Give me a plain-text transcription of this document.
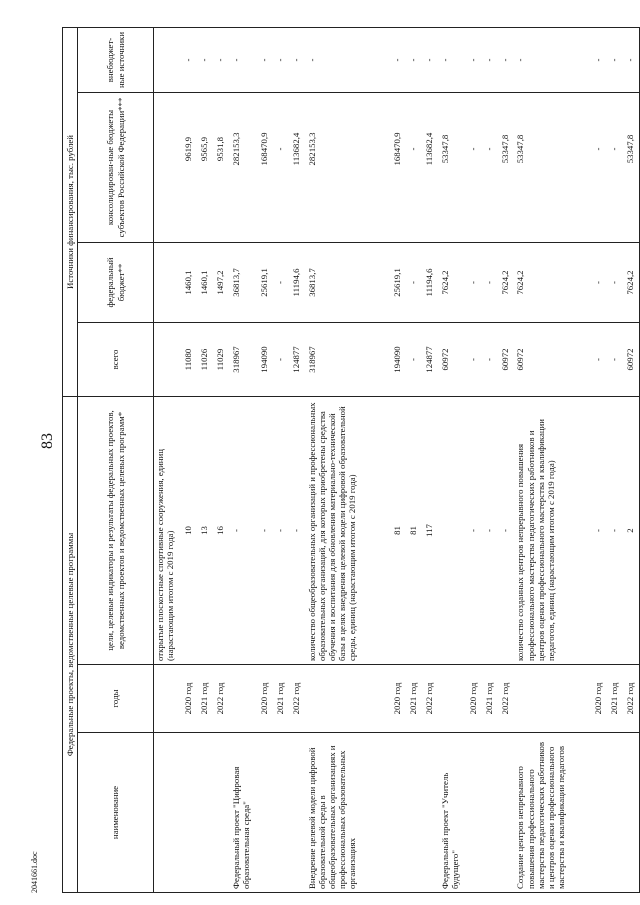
83
2041661.doc
Федеральные проекты, ведомственные целевые программы			Источники финансирования, тыс. рублей			
наименование	годы	цели, целевые индикаторы и результаты федеральных проектов, ведомственных проектов и ведомственных целевых программ*	всего	федеральный бюджет**	консолидирован-ные бюджеты субъектов Российской Федерации***	внебюджет-ные источники
		открытые плоскостные спортивные сооружения, единиц (нарастающим итогом с 2019 года)				
	2020 год	10	11080	1460,1	9619,9	-
	2021 год	13	11026	1460,1	9565,9	-
	2022 год	16	11029	1497,2	9531,8	-
Федеральный проект "Цифровая образовательная среда"		-	318967	36813,7	282153,3	-
	2020 год	-	194090	25619,1	168470,9	-
	2021 год	-	-	-	-	-
	2022 год	-	124877	11194,6	113682,4	-
Внедрение целевой модели цифровой образовательной среды в общеобразовательных организациях и профессиональных образовательных организациях		количество общеобразовательных организаций и профессиональных образовательных организаций, для которых приобретены средства обучения и воспитания для обновления материально-технической базы в целях внедрения целевой модели цифровой образовательной среды, единиц (нарастающим итогом с 2019 года)	318967	36813,7	282153,3	-
	2020 год	81	194090	25619,1	168470,9	-
	2021 год	81	-	-	-	-
	2022 год	117	124877	11194,6	113682,4	-
Федеральный проект "Учитель будущего"			60972	7624,2	53347,8	-
	2020 год	-	-	-	-	-
	2021 год	-	-	-	-	-
	2022 год	-	60972	7624,2	53347,8	-
Создание центров непрерывного повышения профессионального мастерства педагогических работников и центров оценки профессионального мастерства и квалификации педагогов		количество созданных центров непрерывного повышения профессионального мастерства педагогических работников и центров оценки профессионального мастерства и квалификации педагогов, единиц (нарастающим итогом с 2019 года)	60972	7624,2	53347,8	-
	2020 год	-	-	-	-	-
	2021 год	-	-	-	-	-
	2022 год	2	60972	7624,2	53347,8	-
